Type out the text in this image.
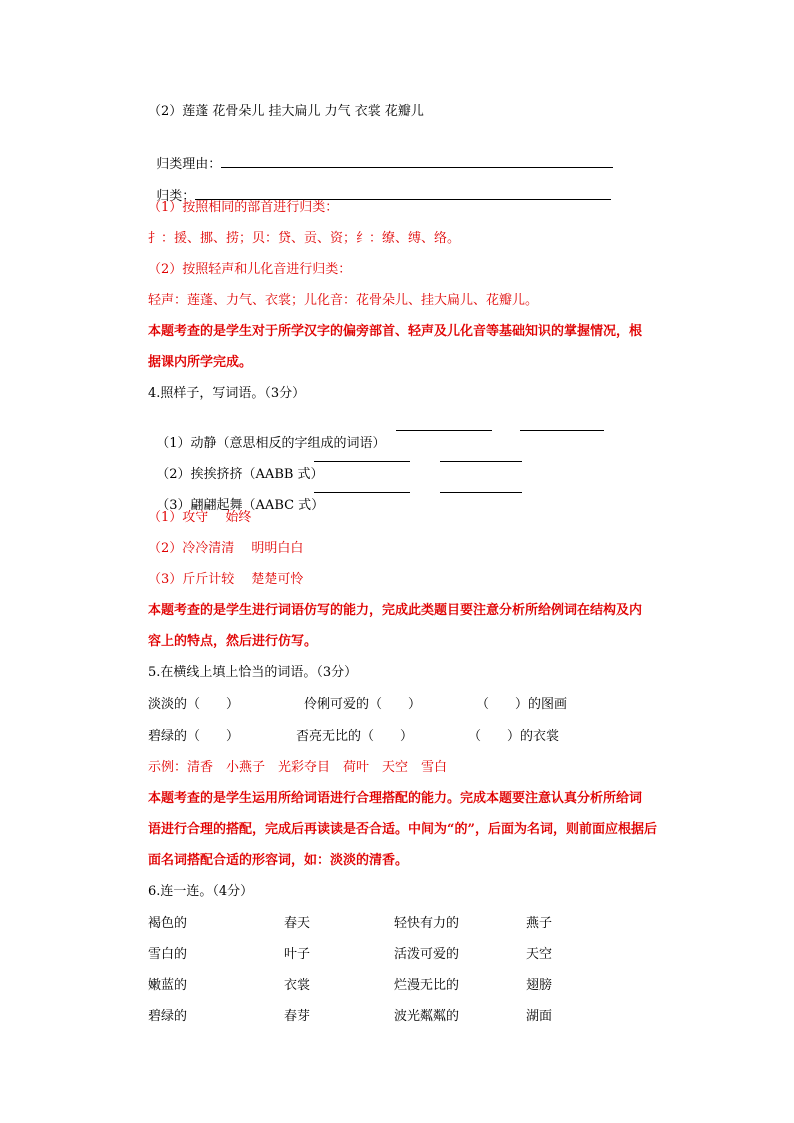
（2）莲蓬 花骨朵儿 挂大扁儿 力气 衣裳 花瓣儿

归类理由：

归类：

（1）按照相同的部首进行归类：
扌：援、挪、捞；贝：贷、贡、资；纟：缭、缚、络。
（2）按照轻声和儿化音进行归类：
轻声：莲蓬、力气、衣裳；儿化音：花骨朵儿、挂大扁儿、花瓣儿。
本题考查的是学生对于所学汉字的偏旁部首、轻声及儿化音等基础知识的掌握情况，根
据课内所学完成。
4.照样子，写词语。（3分）

（1）动静（意思相反的字组成的词语）

（2）挨挨挤挤（AABB 式）

（3）翩翩起舞（AABC 式）

（1）攻守　 始终
（2）冷冷清清　 明明白白
（3）斤斤计较　 楚楚可怜
本题考查的是学生进行词语仿写的能力，完成此类题目要注意分析所给例词在结构及内
容上的特点，然后进行仿写。
5.在横线上填上恰当的词语。（3分）
淡淡的（　　）	伶俐可爱的（　　）	（　　）的图画
碧绿的（　　）	㫘亮无比的（　　）	（　　）的衣裳
示例：清香　小燕子　光彩夺目　荷叶　天空　雪白
本题考查的是学生运用所给词语进行合理搭配的能力。完成本题要注意认真分析所给词
语进行合理的搭配，完成后再读读是否合适。中间为“的”，后面为名词，则前面应根据后
面名词搭配合适的形容词，如：淡淡的清香。
6.连一连。（4分）
褐色的	春天	轻快有力的	燕子
雪白的	叶子	活泼可爱的	天空
嫩蓝的	衣裳	烂漫无比的	翅膀
碧绿的	春芽	波光粼粼的	湖面
